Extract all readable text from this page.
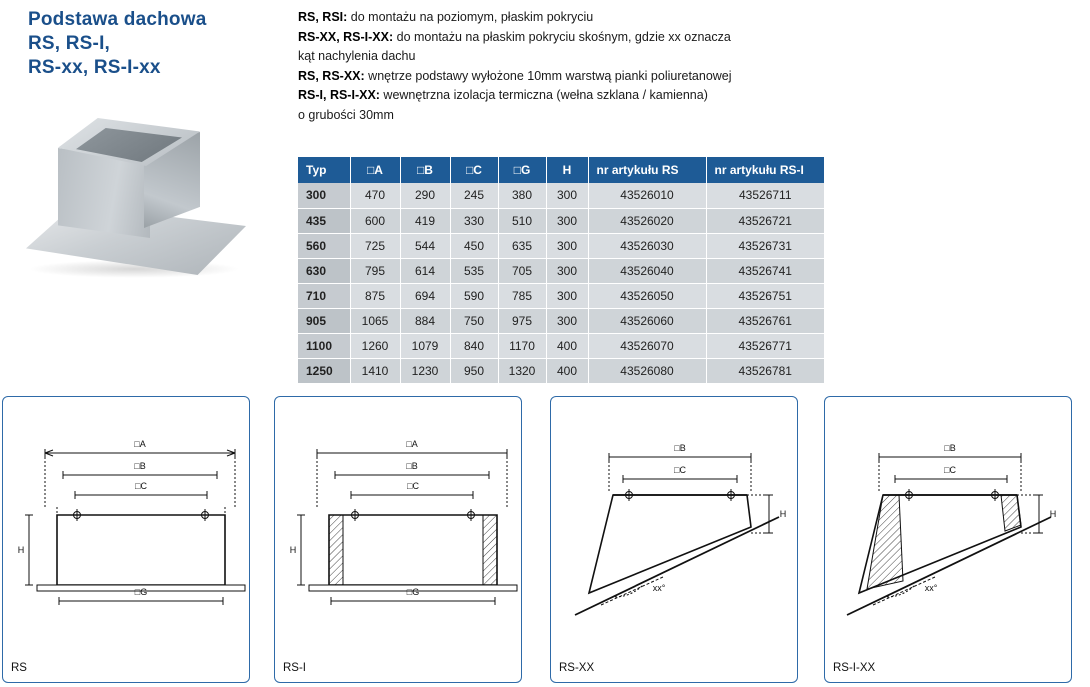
Podstawa dachowa
RS, RS-I,
RS-xx, RS-I-xx

RS, RSI: do montażu na poziomym, płaskim pokryciu

RS-XX, RS-I-XX: do montażu na płaskim pokryciu skośnym, gdzie xx oznacza

kąt nachylenia dachu

RS, RS-XX: wnętrze podstawy wyłożone 10mm warstwą pianki poliuretanowej

RS-I, RS-I-XX: wewnętrzna izolacja termiczna (wełna szklana / kamienna)

o grubości 30mm

Typ	□A	□B	□C	□G	H	nr artykułu RS	nr artykułu RS-I
300	470	290	245	380	300	43526010	43526711
435	600	419	330	510	300	43526020	43526721
560	725	544	450	635	300	43526030	43526731
630	795	614	535	705	300	43526040	43526741
710	875	694	590	785	300	43526050	43526751
905	1065	884	750	975	300	43526060	43526761
1100	1260	1079	840	1170	400	43526070	43526771
1250	1410	1230	950	1320	400	43526080	43526781
□A
□B
□C
□G
H
RS
□A
□B
□C
□G
H
RS-I
□B
□C
H
xx°
RS-XX
□B
□C
H
xx°
RS-I-XX
